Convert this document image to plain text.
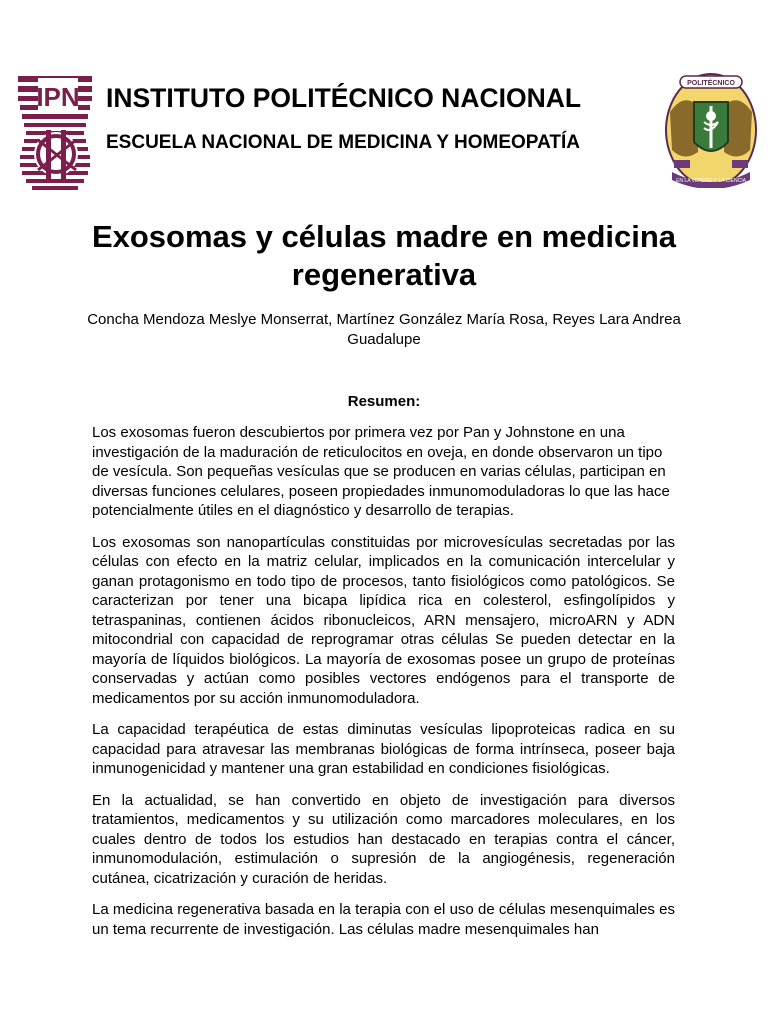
IPN	POLITÉCNICO
EN LA VERDAD Y LA CIENCIA
INSTITUTO POLITÉCNICO NACIONAL
ESCUELA NACIONAL DE MEDICINA Y HOMEOPATÍA
Exosomas y células madre en medicina regenerativa
Concha Mendoza Meslye Monserrat, Martínez González María Rosa, Reyes Lara Andrea Guadalupe
Resumen:

Los exosomas fueron descubiertos por primera vez por Pan y Johnstone en una investigación de la maduración de reticulocitos en oveja, en donde observaron un tipo de vesícula. Son pequeñas vesículas que se producen en varias células, participan en diversas funciones celulares, poseen propiedades inmunomoduladoras lo que las hace potencialmente útiles en el diagnóstico y desarrollo de terapias.

Los exosomas son nanopartículas constituidas por microvesículas secretadas por las células con efecto en la matriz celular, implicados en la comunicación intercelular y ganan protagonismo en todo tipo de procesos, tanto fisiológicos como patológicos. Se caracterizan por tener una bicapa lipídica rica en colesterol, esfingolípidos y tetraspaninas, contienen ácidos ribonucleicos, ARN mensajero, microARN y ADN mitocondrial con capacidad de reprogramar otras células Se pueden detectar en la mayoría de líquidos biológicos. La mayoría de exosomas posee un grupo de proteínas conservadas y actúan como posibles vectores endógenos para el transporte de medicamentos por su acción inmunomoduladora.

La capacidad terapéutica de estas diminutas vesículas lipoproteicas radica en su capacidad para atravesar las membranas biológicas de forma intrínseca, poseer baja inmunogenicidad y mantener una gran estabilidad en condiciones fisiológicas.

En la actualidad, se han convertido en objeto de investigación para diversos tratamientos, medicamentos y su utilización como marcadores moleculares, en los cuales dentro de todos los estudios han destacado en terapias contra el cáncer, inmunomodulación, estimulación o supresión de la angiogénesis, regeneración cutánea, cicatrización y curación de heridas.

La medicina regenerativa basada en la terapia con el uso de células mesenquimales es un tema recurrente de investigación. Las células madre mesenquimales han
